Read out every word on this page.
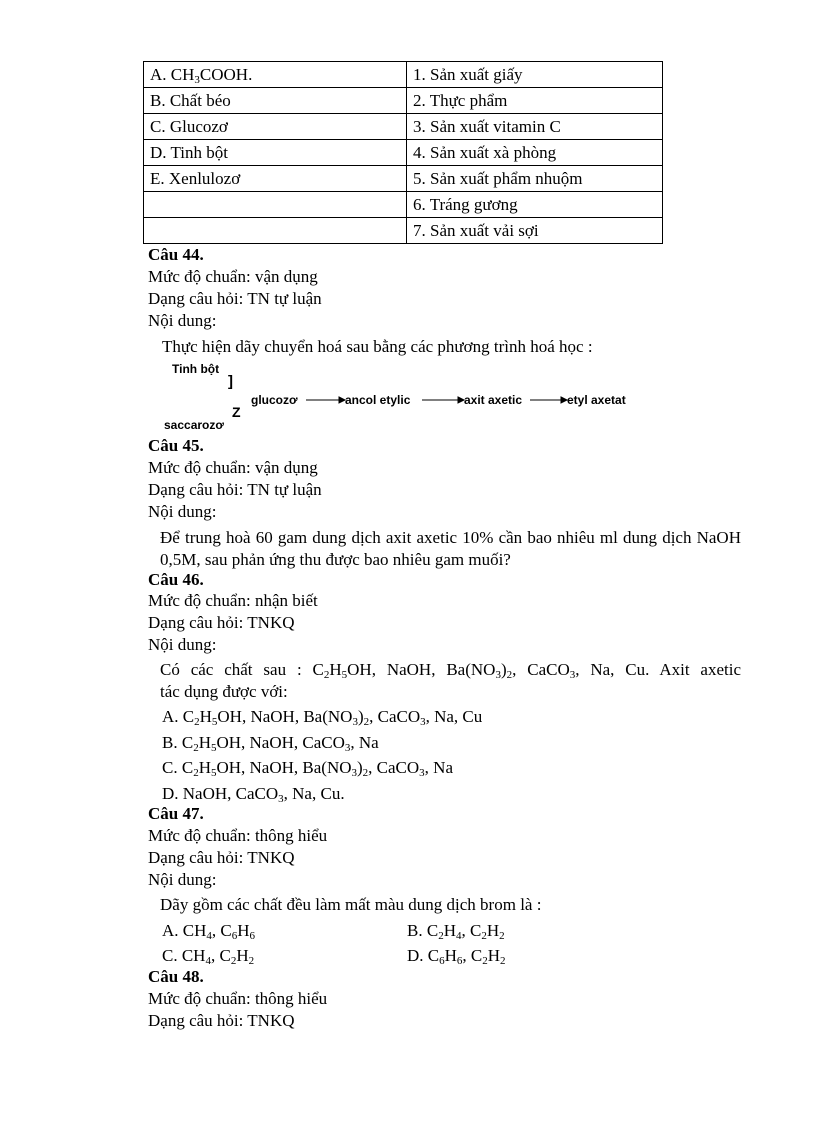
A. $CH_3COOH$.	1. Sản xuất giấy
B. Chất béo	2. Thực phẩm
C. Glucozơ	3. Sản xuất vitamin C
D. Tinh bột	4. Sản xuất xà phòng
E. Xenlulozơ	5. Sản xuất phẩm nhuộm
	6. Tráng gương
	7. Sản xuất vải sợi
Câu 44.
Mức độ chuẩn: vận dụng
Dạng câu hỏi: TN tự luận
Nội dung:
Thực hiện dãy chuyển hoá sau bằng các phương trình hoá học :
Tinh bột
]
Z
saccarozơ
glucozơ	ancol etylic	axit axetic	etyl axetat
Câu 45.
Mức độ chuẩn: vận dụng
Dạng câu hỏi: TN tự luận
Nội dung:
Để trung hoà 60 gam dung dịch axit axetic 10% cần bao nhiêu ml dung dịch NaOH 0,5M, sau phản ứng thu được bao nhiêu gam muối?
Câu 46.
Mức độ chuẩn: nhận biết
Dạng câu hỏi: TNKQ
Nội dung:
Có các chất sau : $C_2H_5OH$, NaOH, $Ba(NO_3)_2$, CaCO$_3$, Na, Cu. Axit axetic
tác dụng được với:
A. $C_2H_5OH$, NaOH, $Ba(NO_3)_2$, CaCO$_3$, Na, Cu
B. $C_2H_5OH$, NaOH, CaCO$_3$, Na
C. $C_2H_5OH$, NaOH, $Ba(NO_3)_2$, CaCO$_3$, Na
D. NaOH, CaCO$_3$, Na, Cu.
Câu 47.
Mức độ chuẩn: thông hiểu
Dạng câu hỏi: TNKQ
Nội dung:
Dãy gồm các chất đều làm mất màu dung dịch brom là :
A. $CH_4$, $C_6H_6$	B. $C_2H_4$, $C_2H_2$
C. $CH_4$, $C_2H_2$	D. $C_6H_6$, $C_2H_2$
Câu 48.
Mức độ chuẩn: thông hiểu
Dạng câu hỏi: TNKQ
